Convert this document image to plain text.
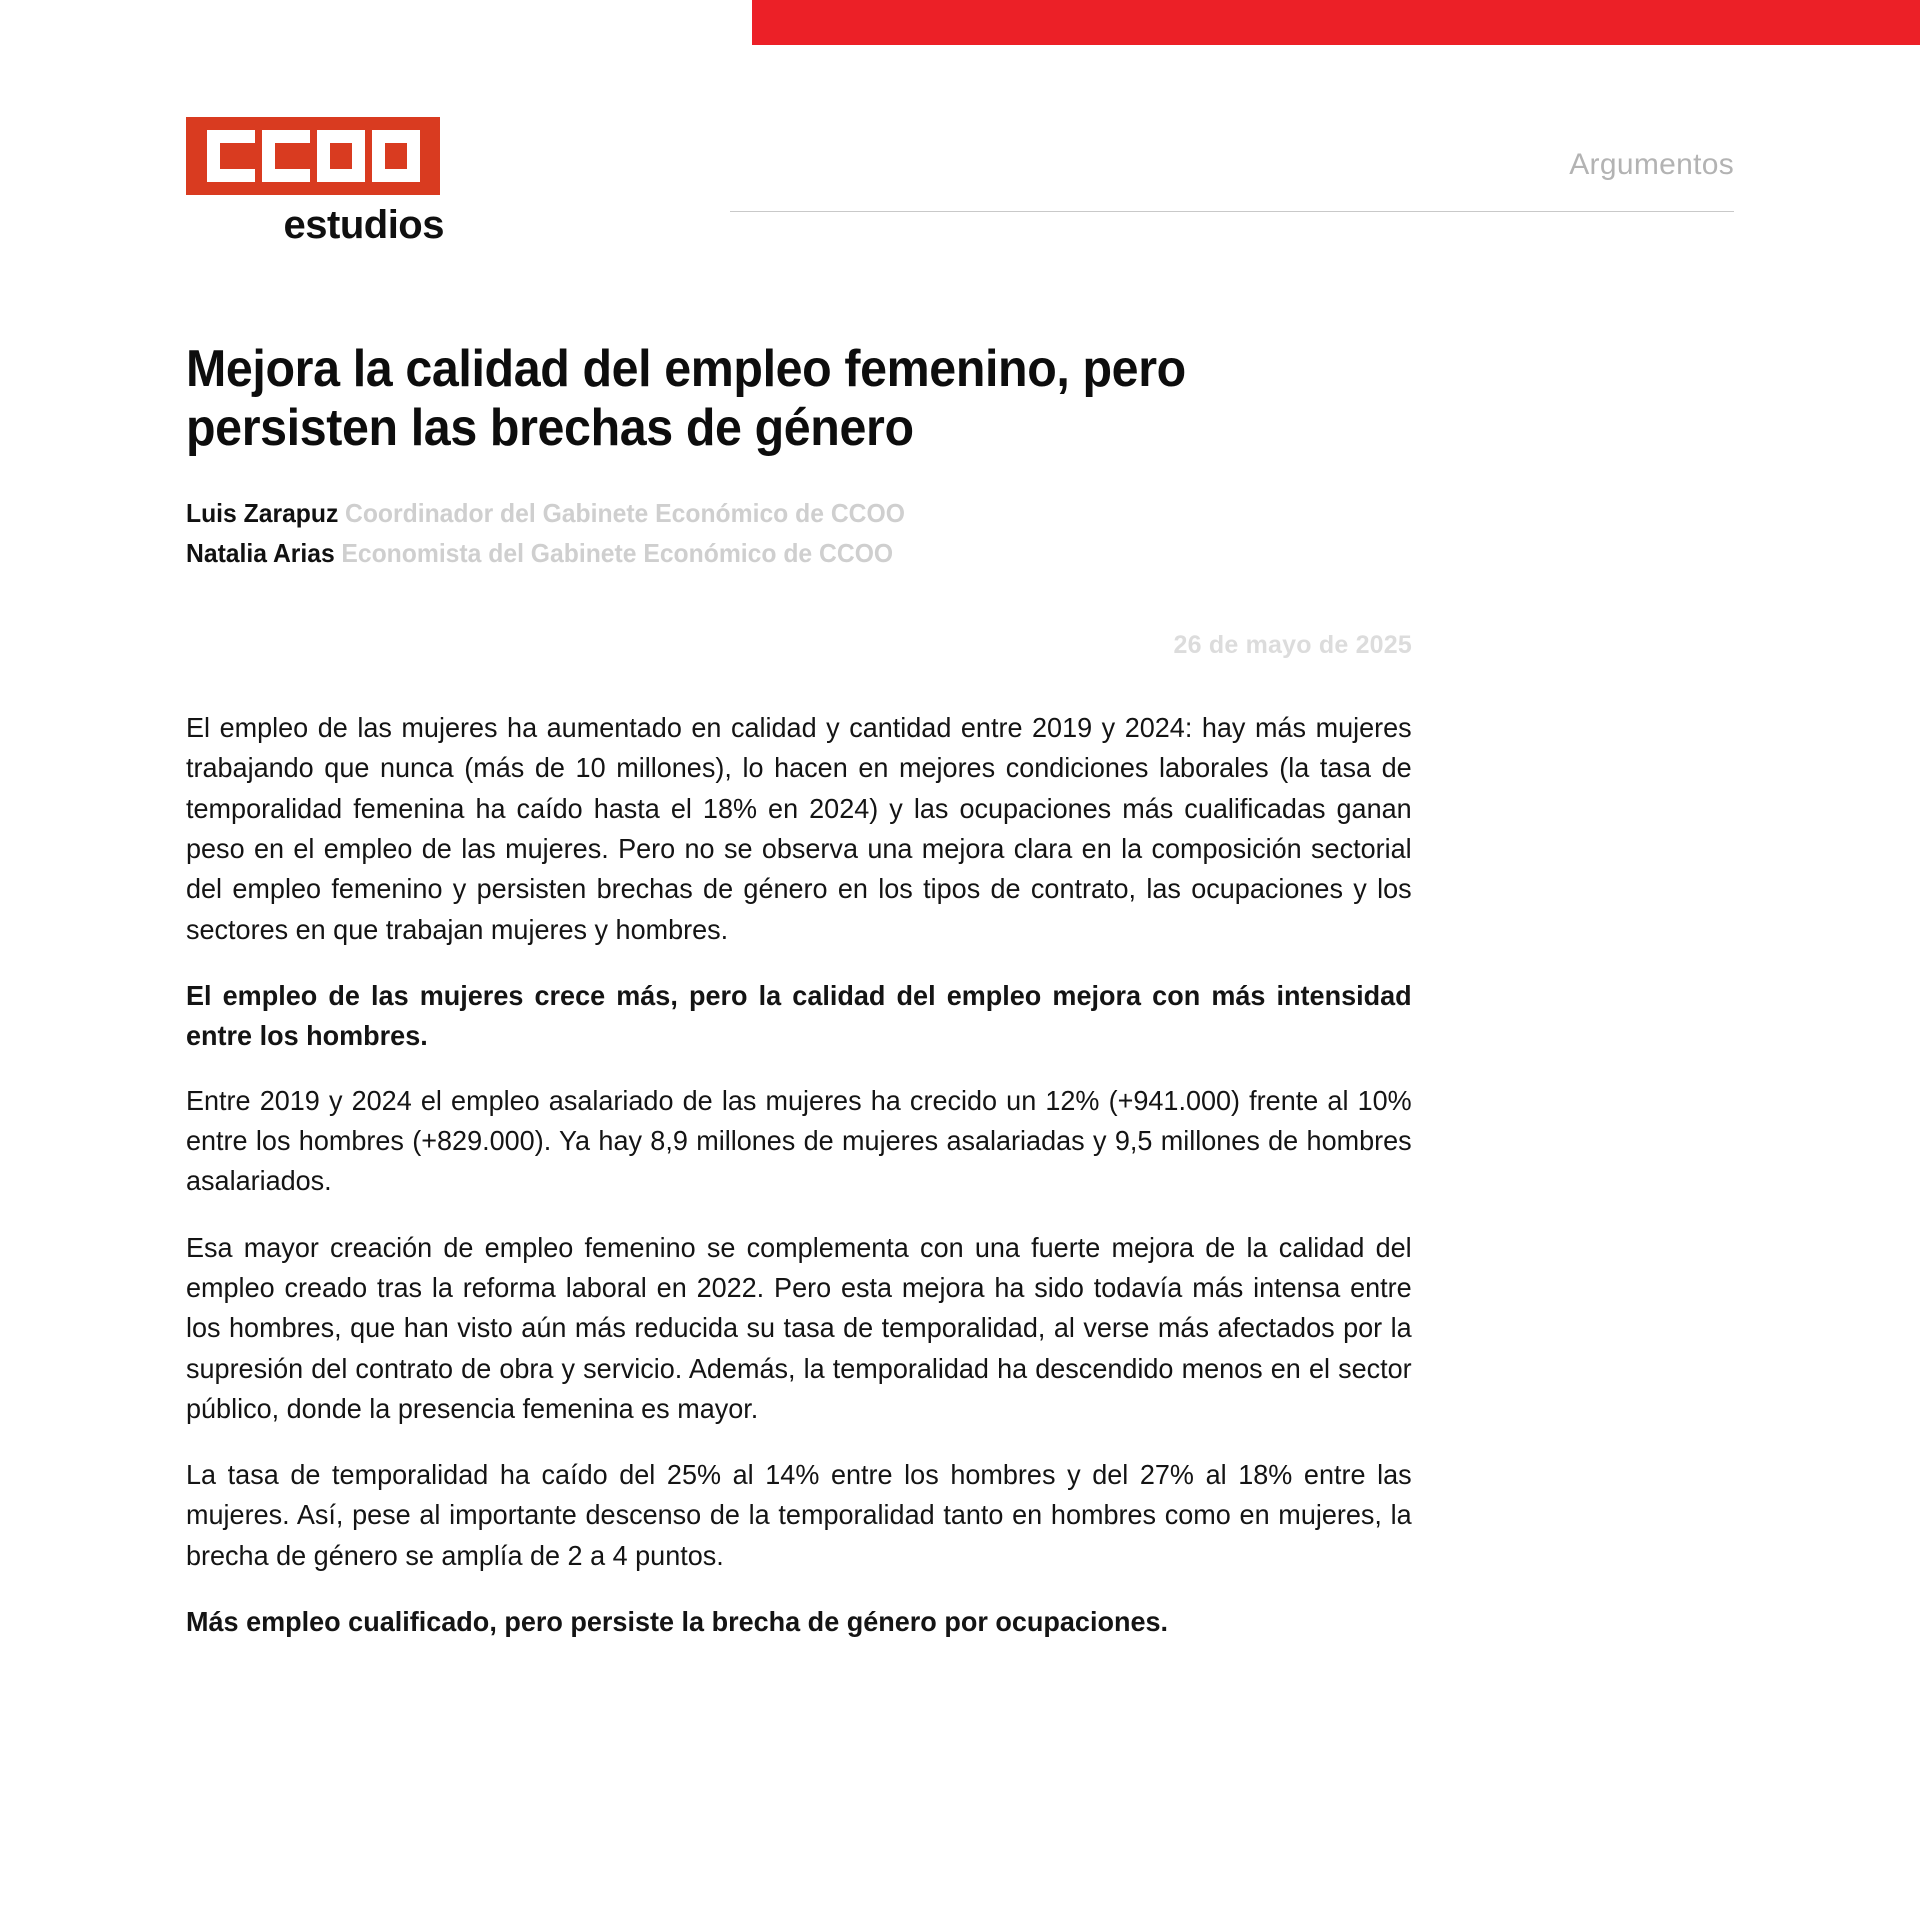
estudios
Argumentos
Mejora la calidad del empleo femenino, pero persisten las brechas de género

Luis Zarapuz Coordinador del Gabinete Económico de CCOO

Natalia Arias Economista del Gabinete Económico de CCOO

26 de mayo de 2025

El empleo de las mujeres ha aumentado en calidad y cantidad entre 2019 y 2024: hay más mujeres trabajando que nunca (más de 10 millones), lo hacen en mejores condiciones laborales (la tasa de temporalidad femenina ha caído hasta el 18% en 2024) y las ocupaciones más cualificadas ganan peso en el empleo de las mujeres. Pero no se observa una mejora clara en la composición sectorial del empleo femenino y persisten brechas de género en los tipos de contrato, las ocupaciones y los sectores en que trabajan mujeres y hombres.

El empleo de las mujeres crece más, pero la calidad del empleo mejora con más intensidad entre los hombres.

Entre 2019 y 2024 el empleo asalariado de las mujeres ha crecido un 12% (+941.000) frente al 10% entre los hombres (+829.000). Ya hay 8,9 millones de mujeres asalariadas y 9,5 millones de hombres asalariados.

Esa mayor creación de empleo femenino se complementa con una fuerte mejora de la calidad del empleo creado tras la reforma laboral en 2022. Pero esta mejora ha sido todavía más intensa entre los hombres, que han visto aún más reducida su tasa de temporalidad, al verse más afectados por la supresión del contrato de obra y servicio. Además, la temporalidad ha descendido menos en el sector público, donde la presencia femenina es mayor.

La tasa de temporalidad ha caído del 25% al 14% entre los hombres y del 27% al 18% entre las mujeres. Así, pese al importante descenso de la temporalidad tanto en hombres como en mujeres, la brecha de género se amplía de 2 a 4 puntos.

Más empleo cualificado, pero persiste la brecha de género por ocupaciones.
